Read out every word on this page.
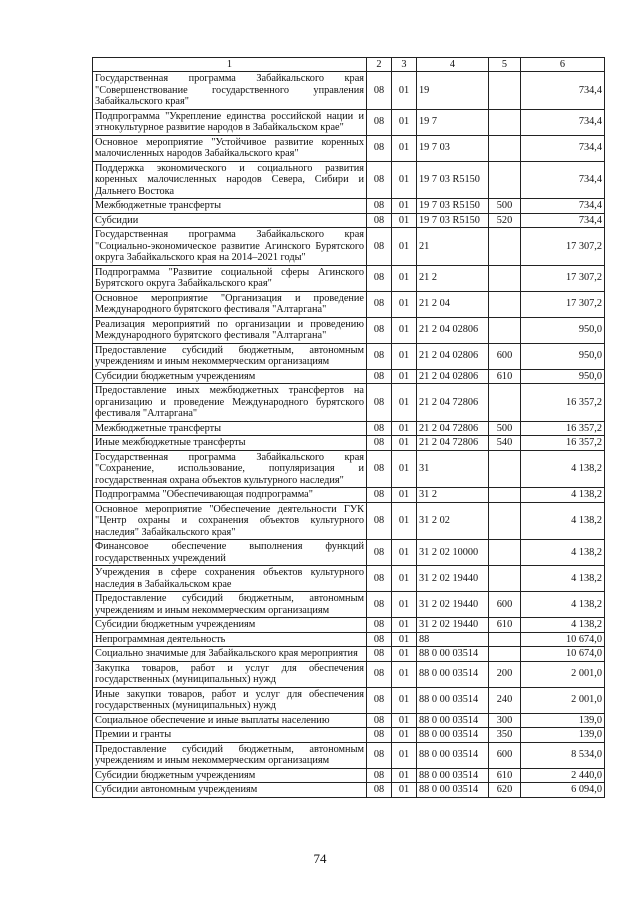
1	2	3	4	5	6
Государственная программа Забайкальского края "Совершенствование государственного управления Забайкальского края"	08	01	19		734,4
Подпрограмма "Укрепление единства российской нации и этнокультурное развитие народов в Забайкальском крае"	08	01	19 7		734,4
Основное мероприятие "Устойчивое развитие коренных малочисленных народов Забайкальского края"	08	01	19 7 03		734,4
Поддержка экономического и социального развития коренных малочисленных народов Севера, Сибири и Дальнего Востока	08	01	19 7 03 R5150		734,4
Межбюджетные трансферты	08	01	19 7 03 R5150	500	734,4
Субсидии	08	01	19 7 03 R5150	520	734,4
Государственная программа Забайкальского края "Социально-экономическое развитие Агинского Бурятского округа Забайкальского края на 2014–2021 годы"	08	01	21		17 307,2
Подпрограмма "Развитие социальной сферы Агинского Бурятского округа Забайкальского края"	08	01	21 2		17 307,2
Основное мероприятие "Организация и проведение Международного бурятского фестиваля "Алтаргана"	08	01	21 2 04		17 307,2
Реализация мероприятий по организации и проведению Международного бурятского фестиваля "Алтаргана"	08	01	21 2 04 02806		950,0
Предоставление субсидий бюджетным, автономным учреждениям и иным некоммерческим организациям	08	01	21 2 04 02806	600	950,0
Субсидии бюджетным учреждениям	08	01	21 2 04 02806	610	950,0
Предоставление иных межбюджетных трансфертов на организацию и проведение Международного бурятского фестиваля "Алтаргана"	08	01	21 2 04 72806		16 357,2
Межбюджетные трансферты	08	01	21 2 04 72806	500	16 357,2
Иные межбюджетные трансферты	08	01	21 2 04 72806	540	16 357,2
Государственная программа Забайкальского края "Сохранение, использование, популяризация и государственная охрана объектов культурного наследия"	08	01	31		4 138,2
Подпрограмма "Обеспечивающая подпрограмма"	08	01	31 2		4 138,2
Основное мероприятие "Обеспечение деятельности ГУК "Центр охраны и сохранения объектов культурного наследия" Забайкальского края"	08	01	31 2 02		4 138,2
Финансовое обеспечение выполнения функций государственных учреждений	08	01	31 2 02 10000		4 138,2
Учреждения в сфере сохранения объектов культурного наследия в Забайкальском крае	08	01	31 2 02 19440		4 138,2
Предоставление субсидий бюджетным, автономным учреждениям и иным некоммерческим организациям	08	01	31 2 02 19440	600	4 138,2
Субсидии бюджетным учреждениям	08	01	31 2 02 19440	610	4 138,2
Непрограммная деятельность	08	01	88		10 674,0
Социально значимые для Забайкальского края мероприятия	08	01	88 0 00 03514		10 674,0
Закупка товаров, работ и услуг для обеспечения государственных (муниципальных) нужд	08	01	88 0 00 03514	200	2 001,0
Иные закупки товаров, работ и услуг для обеспечения государственных (муниципальных) нужд	08	01	88 0 00 03514	240	2 001,0
Социальное обеспечение и иные выплаты населению	08	01	88 0 00 03514	300	139,0
Премии и гранты	08	01	88 0 00 03514	350	139,0
Предоставление субсидий бюджетным, автономным учреждениям и иным некоммерческим организациям	08	01	88 0 00 03514	600	8 534,0
Субсидии бюджетным учреждениям	08	01	88 0 00 03514	610	2 440,0
Субсидии автономным учреждениям	08	01	88 0 00 03514	620	6 094,0
74
